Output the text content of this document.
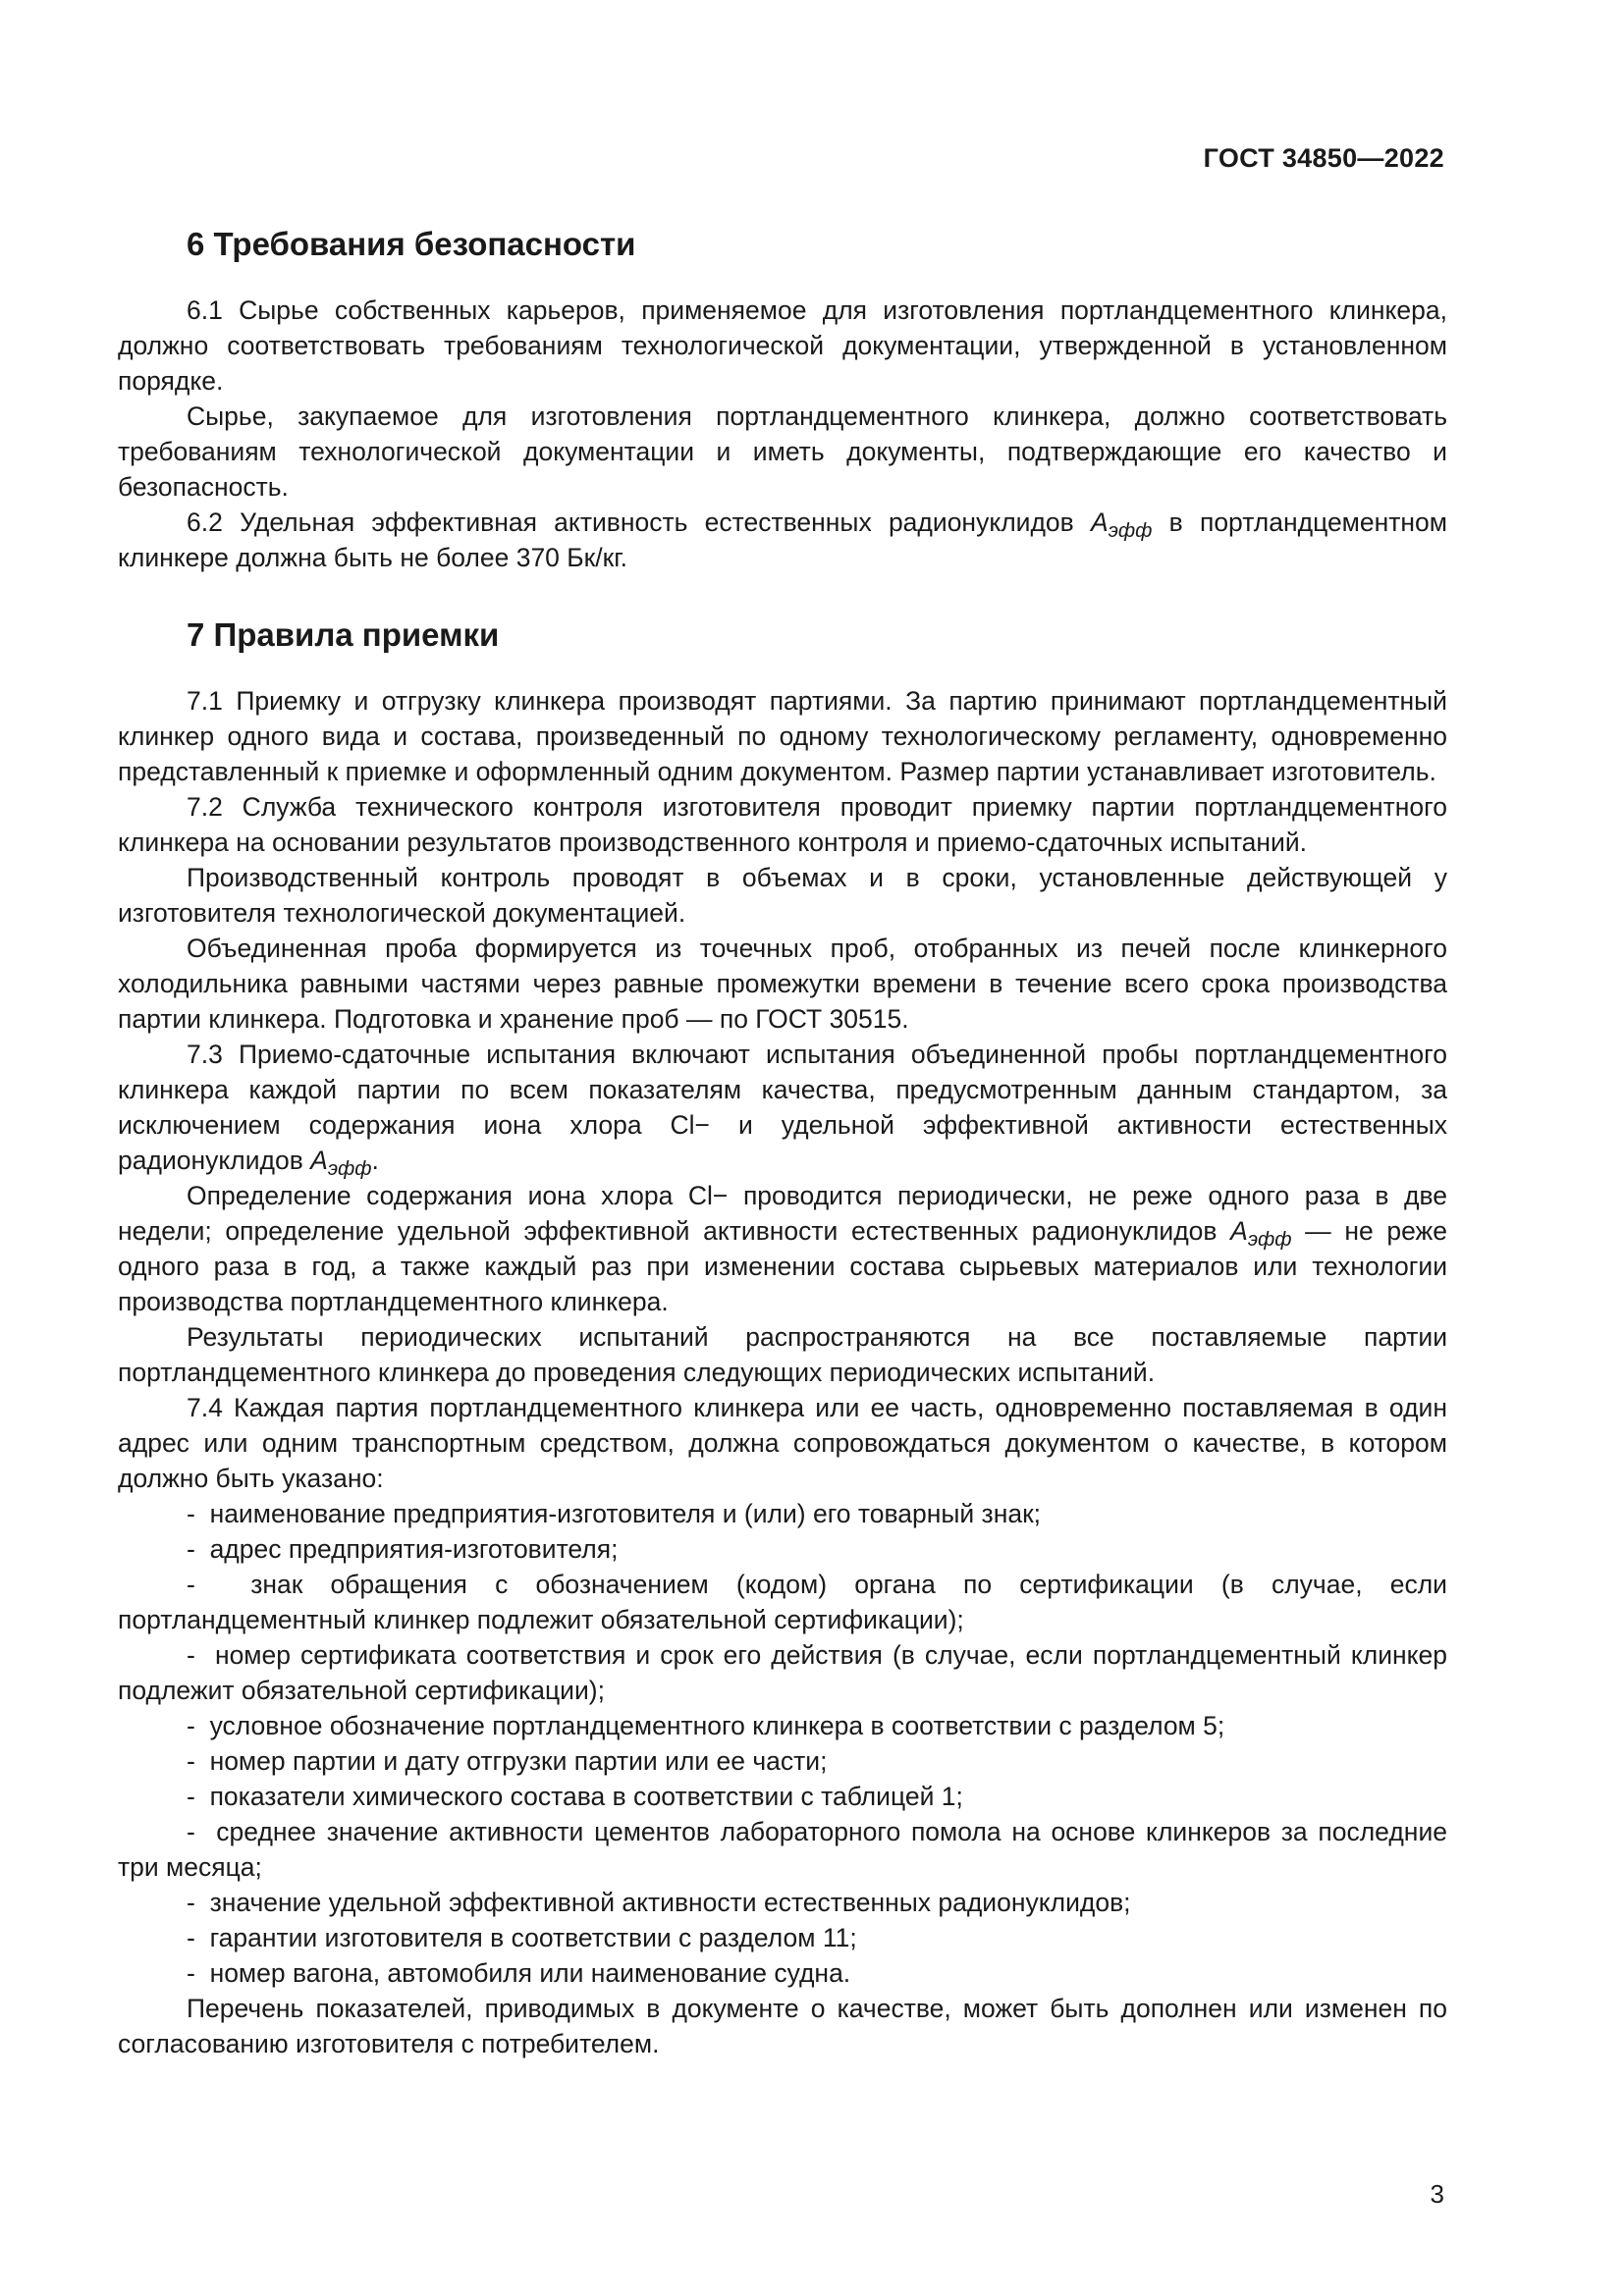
ГОСТ 34850—2022
6 Требования безопасности

6.1 Сырье собственных карьеров, применяемое для изготовления портландцементного клинкера, должно соответствовать требованиям технологической документации, утвержденной в установленном порядке.

Сырье, закупаемое для изготовления портландцементного клинкера, должно соответствовать требованиям технологической документации и иметь документы, подтверждающие его качество и безопасность.

6.2 Удельная эффективная активность естественных радионуклидов $A_{эфф}$ в портландцементном клинкере должна быть не более 370 Бк/кг.

7 Правила приемки

7.1 Приемку и отгрузку клинкера производят партиями. За партию принимают портландцементный клинкер одного вида и состава, произведенный по одному технологическому регламенту, одновременно представленный к приемке и оформленный одним документом. Размер партии устанавливает изготовитель.

7.2 Служба технического контроля изготовителя проводит приемку партии портландцементного клинкера на основании результатов производственного контроля и приемо-сдаточных испытаний.

Производственный контроль проводят в объемах и в сроки, установленные действующей у изготовителя технологической документацией.

Объединенная проба формируется из точечных проб, отобранных из печей после клинкерного холодильника равными частями через равные промежутки времени в течение всего срока производства партии клинкера. Подготовка и хранение проб — по ГОСТ 30515.

7.3 Приемо-сдаточные испытания включают испытания объединенной пробы портландцементного клинкера каждой партии по всем показателям качества, предусмотренным данным стандартом, за исключением содержания иона хлора Cl− и удельной эффективной активности естественных радионуклидов $A_{эфф}$.

Определение содержания иона хлора Cl− проводится периодически, не реже одного раза в две недели; определение удельной эффективной активности естественных радионуклидов $A_{эфф}$ — не реже одного раза в год, а также каждый раз при изменении состава сырьевых материалов или технологии производства портландцементного клинкера.

Результаты периодических испытаний распространяются на все поставляемые партии портландцементного клинкера до проведения следующих периодических испытаний.

7.4 Каждая партия портландцементного клинкера или ее часть, одновременно поставляемая в один адрес или одним транспортным средством, должна сопровождаться документом о качестве, в котором должно быть указано:

-  наименование предприятия-изготовителя и (или) его товарный знак;
-  адрес предприятия-изготовителя;
-  знак обращения с обозначением (кодом) органа по сертификации (в случае, если портландцементный клинкер подлежит обязательной сертификации);
-  номер сертификата соответствия и срок его действия (в случае, если портландцементный клинкер подлежит обязательной сертификации);
-  условное обозначение портландцементного клинкера в соответствии с разделом 5;
-  номер партии и дату отгрузки партии или ее части;
-  показатели химического состава в соответствии с таблицей 1;
-  среднее значение активности цементов лабораторного помола на основе клинкеров за последние три месяца;
-  значение удельной эффективной активности естественных радионуклидов;
-  гарантии изготовителя в соответствии с разделом 11;
-  номер вагона, автомобиля или наименование судна.

Перечень показателей, приводимых в документе о качестве, может быть дополнен или изменен по согласованию изготовителя с потребителем.

3
